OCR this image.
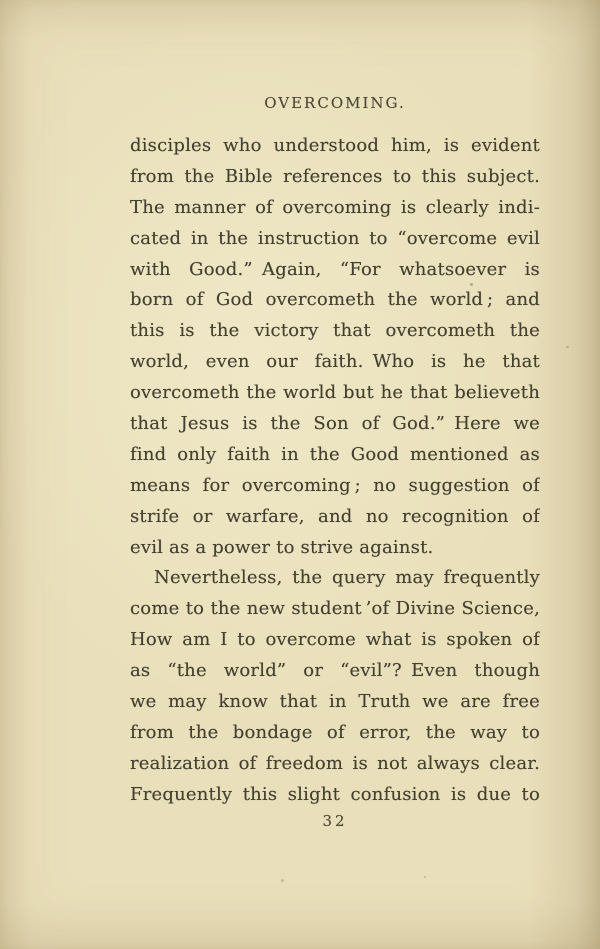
OVERCOMING.
disciples who understood him, is evident
from the Bible references to this subject.
The manner of overcoming is clearly indi-
cated in the instruction to “overcome evil
with Good.” Again, “For whatsoever is
born of God overcometh the world ; and
this is the victory that overcometh the
world, even our faith. Who is he that
overcometh the world but he that believeth
that Jesus is the Son of God.” Here we
find only faith in the Good mentioned as
means for overcoming ; no suggestion of
strife or warfare, and no recognition of
evil as a power to strive against.
Nevertheless, the query may frequently
come to the new student ’of Divine Science,
How am I to overcome what is spoken of
as “the world” or “evil”? Even though
we may know that in Truth we are free
from the bondage of error, the way to
realization of freedom is not always clear.
Frequently this slight confusion is due to
32
